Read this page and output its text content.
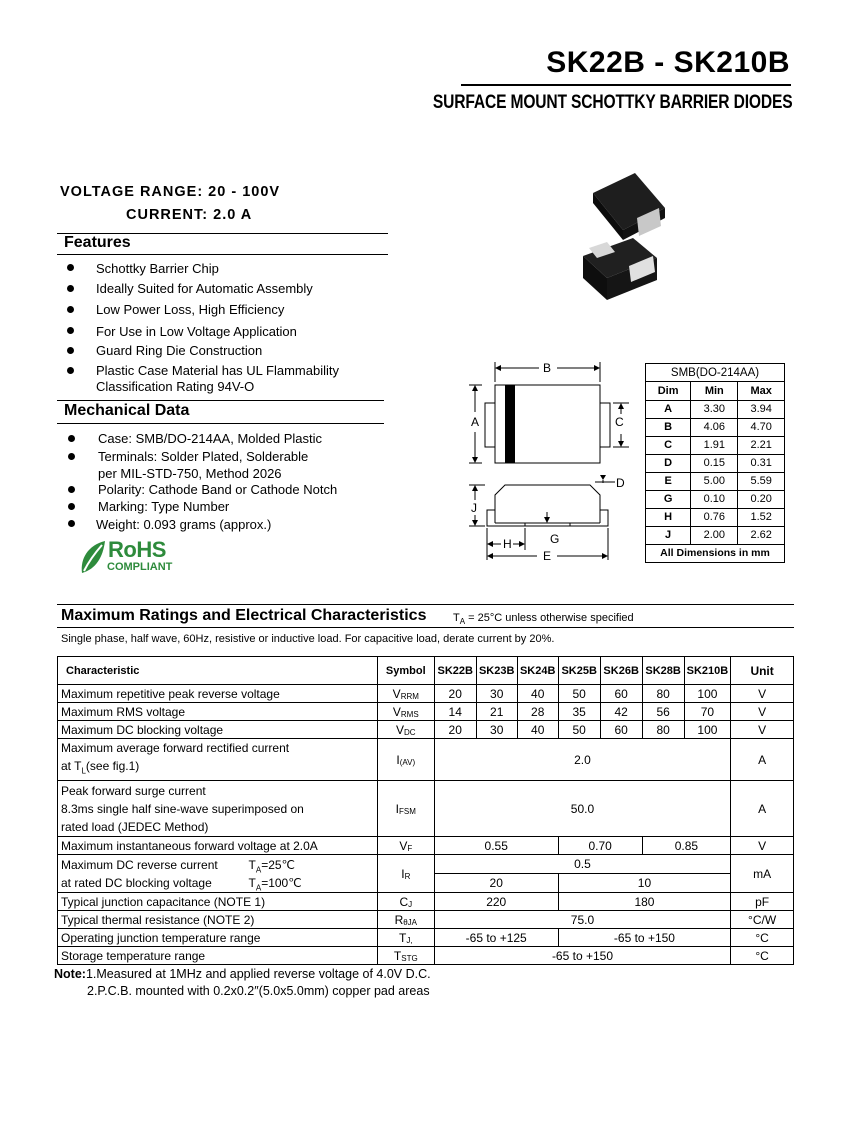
SK22B - SK210B
SURFACE MOUNT SCHOTTKY BARRIER DIODES
VOLTAGE RANGE: 20 - 100V
CURRENT: 2.0 A
Features
Schottky Barrier Chip
Ideally Suited for Automatic Assembly
Low Power Loss, High Efficiency
For Use in Low Voltage Application
Guard Ring Die Construction
Plastic Case Material has UL Flammability
Classification Rating 94V-O
Mechanical Data
Case: SMB/DO-214AA, Molded Plastic
Terminals: Solder Plated, Solderable
per MIL-STD-750, Method 2026
Polarity: Cathode Band or Cathode Notch
Marking: Type Number
Weight: 0.093 grams (approx.)
RoHS
COMPLIANT
B
A	C
D
J
H	G
E
SMB(DO-214AA)
Dim	Min	Max
A	3.30	3.94
B	4.06	4.70
C	1.91	2.21
D	0.15	0.31
E	5.00	5.59
G	0.10	0.20
H	0.76	1.52
J	2.00	2.62
All Dimensions in mm		
Maximum Ratings and Electrical Characteristics $T_A = 25^\circ C$ unless otherwise specified
Single phase, half wave, 60Hz, resistive or inductive load. For capacitive load, derate current by 20%.
Characteristic	Symbol	SK22B	SK23B	SK24B	SK25B	SK26B	SK28B	SK210B	Unit
Maximum repetitive peak reverse voltage	$V_{RRM}$	20	30	40	50	60	80	100	V
Maximum RMS voltage	$V_{RMS}$	14	21	28	35	42	56	70	V
Maximum DC blocking voltage	$V_{DC}$	20	30	40	50	60	80	100	V

Maximum average forward rectified current
at $T_L(see$ fig.1)	$I_{(AV)}$	2.0							A

Peak forward surge current
8.3ms single half sine-wave superimposed on
rated load (JEDEC Method)	$I_{FSM}$	50.0							A
Maximum instantaneous forward voltage at 2.0A	$V_F$	0.55			0.70		0.85		V
Maximum DC reverse current $T_A=25℃$	$I_R$	0.5							mA
at rated DC blocking voltage $T_A=100℃$		20			10				
Typical junction capacitance (NOTE 1)	$C_J$	220			180				pF
Typical thermal resistance (NOTE 2)	$R_{\theta JA}$	75.0							°C/W
Operating junction temperature range	$T_{J,}$	-65 to +125			-65 to +150				°C
Storage temperature range	$T_{STG}$	-65 to +150							°C
Note:1.Measured at 1MHz and applied reverse voltage of 4.0V D.C.
2.P.C.B. mounted with 0.2x0.2″(5.0x5.0mm) copper pad areas
